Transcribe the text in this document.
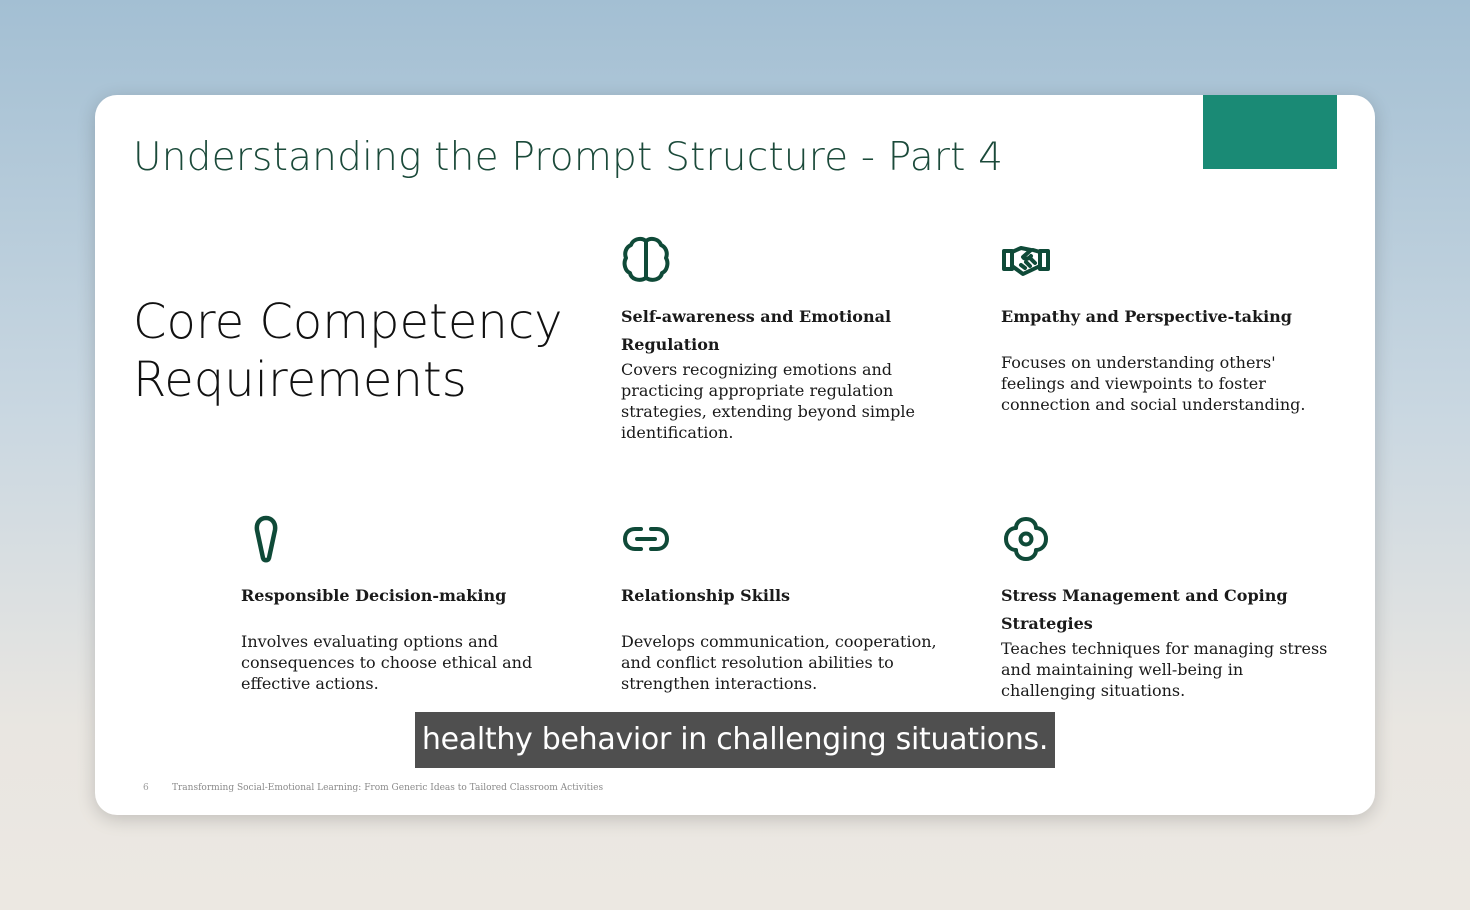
Understanding the Prompt Structure - Part 4
Core Competency Requirements

Self-awareness and Emotional Regulation

Covers recognizing emotions and practicing appropriate regulation strategies, extending beyond simple identification.

Empathy and Perspective-taking

Focuses on understanding others' feelings and viewpoints to foster connection and social understanding.

Responsible Decision-making

Involves evaluating options and consequences to choose ethical and effective actions.

Relationship Skills

Develops communication, cooperation, and conflict resolution abilities to strengthen interactions.

Stress Management and Coping Strategies

Teaches techniques for managing stress and maintaining well-being in challenging situations.

6	Transforming Social-Emotional Learning: From Generic Ideas to Tailored Classroom Activities
healthy behavior in challenging situations.
